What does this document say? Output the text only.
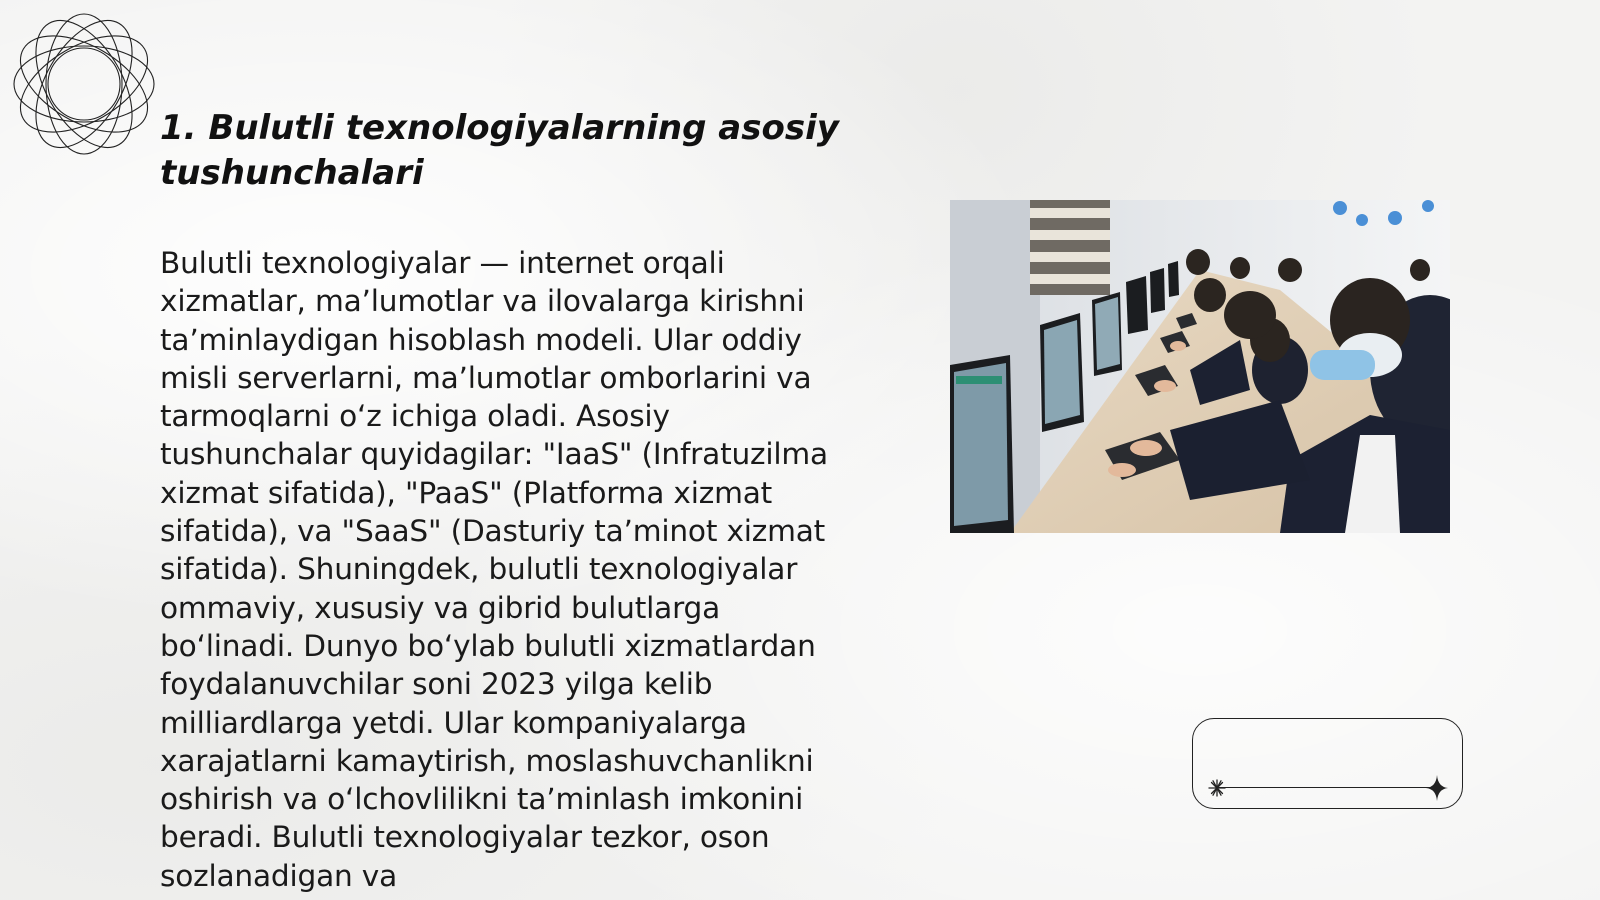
1. Bulutli texnologiyalarning asosiy tushunchalari

Bulutli texnologiyalar — internet orqali xizmatlar, ma’lumotlar va ilovalarga kirishni ta’minlaydigan hisoblash modeli. Ular oddiy misli serverlarni, ma’lumotlar omborlarini va tarmoqlarni oʻz ichiga oladi. Asosiy tushunchalar quyidagilar: "IaaS" (Infratuzilma xizmat sifatida), "PaaS" (Platforma xizmat sifatida), va "SaaS" (Dasturiy ta’minot xizmat sifatida). Shuningdek, bulutli texnologiyalar ommaviy, xususiy va gibrid bulutlarga boʻlinadi. Dunyo boʻylab bulutli xizmatlardan foydalanuvchilar soni 2023 yilga kelib milliardlarga yetdi. Ular kompaniyalarga xarajatlarni kamaytirish, moslashuvchanlikni oshirish va oʻlchovlilikni ta’minlash imkonini beradi. Bulutli texnologiyalar tezkor, oson sozlanadigan va
